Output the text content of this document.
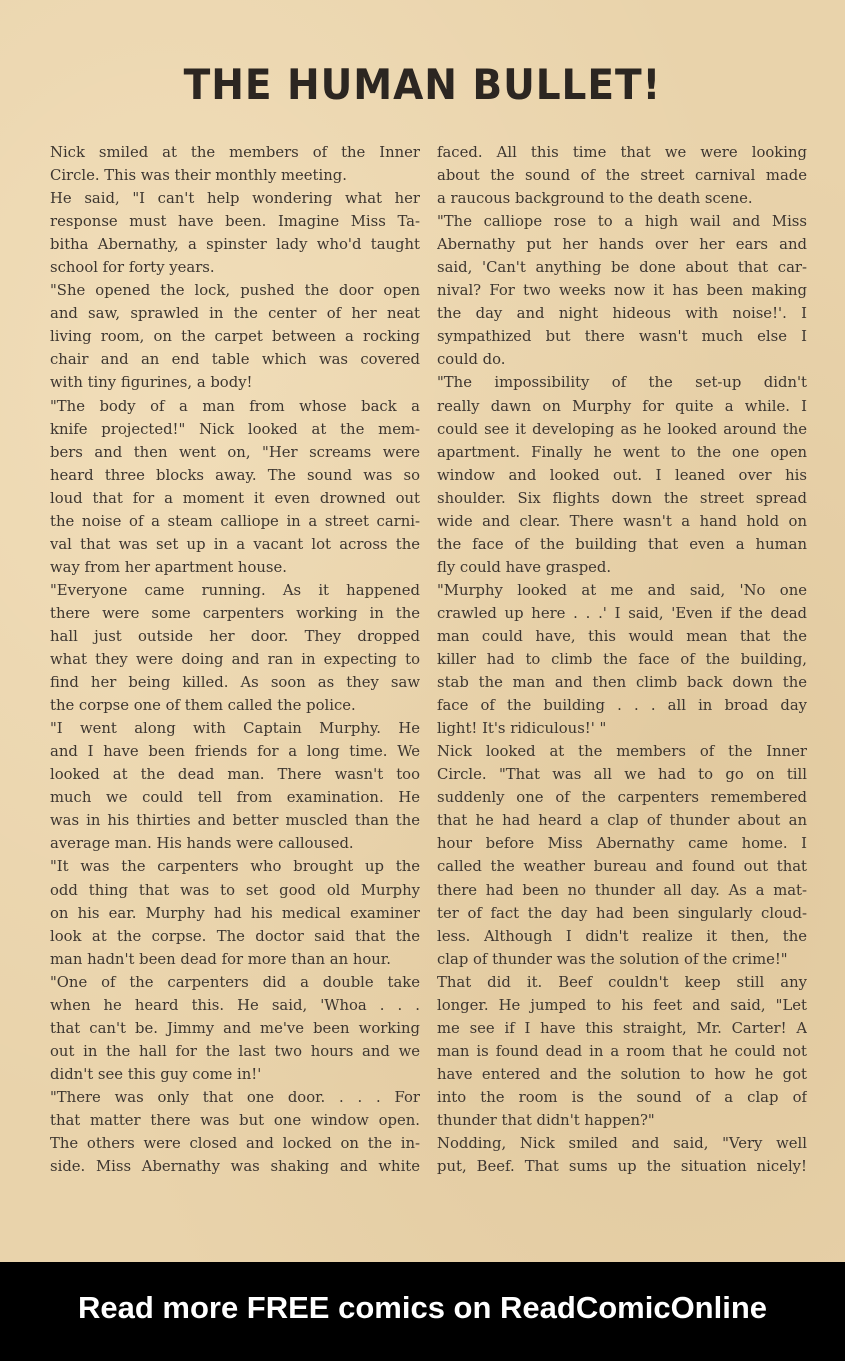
THE HUMAN BULLET!
Nick smiled at the members of the Inner
Circle. This was their monthly meeting.
He said, "I can't help wondering what her
response must have been. Imagine Miss Ta-
bitha Abernathy, a spinster lady who'd taught
school for forty years.
"She opened the lock, pushed the door open
and saw, sprawled in the center of her neat
living room, on the carpet between a rocking
chair and an end table which was covered
with tiny figurines, a body!
"The body of a man from whose back a
knife projected!" Nick looked at the mem-
bers and then went on, "Her screams were
heard three blocks away. The sound was so
loud that for a moment it even drowned out
the noise of a steam calliope in a street carni-
val that was set up in a vacant lot across the
way from her apartment house.
"Everyone came running. As it happened
there were some carpenters working in the
hall just outside her door. They dropped
what they were doing and ran in expecting to
find her being killed. As soon as they saw
the corpse one of them called the police.
"I went along with Captain Murphy. He
and I have been friends for a long time. We
looked at the dead man. There wasn't too
much we could tell from examination. He
was in his thirties and better muscled than the
average man. His hands were calloused.
"It was the carpenters who brought up the
odd thing that was to set good old Murphy
on his ear. Murphy had his medical examiner
look at the corpse. The doctor said that the
man hadn't been dead for more than an hour.
"One of the carpenters did a double take
when he heard this. He said, 'Whoa . . .
that can't be. Jimmy and me've been working
out in the hall for the last two hours and we
didn't see this guy come in!'
"There was only that one door. . . . For
that matter there was but one window open.
The others were closed and locked on the in-
side. Miss Abernathy was shaking and white
faced. All this time that we were looking
about the sound of the street carnival made
a raucous background to the death scene.
"The calliope rose to a high wail and Miss
Abernathy put her hands over her ears and
said, 'Can't anything be done about that car-
nival? For two weeks now it has been making
the day and night hideous with noise!'. I
sympathized but there wasn't much else I
could do.
"The impossibility of the set-up didn't
really dawn on Murphy for quite a while. I
could see it developing as he looked around the
apartment. Finally he went to the one open
window and looked out. I leaned over his
shoulder. Six flights down the street spread
wide and clear. There wasn't a hand hold on
the face of the building that even a human
fly could have grasped.
"Murphy looked at me and said, 'No one
crawled up here . . .' I said, 'Even if the dead
man could have, this would mean that the
killer had to climb the face of the building,
stab the man and then climb back down the
face of the building . . . all in broad day
light! It's ridiculous!' "
Nick looked at the members of the Inner
Circle. "That was all we had to go on till
suddenly one of the carpenters remembered
that he had heard a clap of thunder about an
hour before Miss Abernathy came home. I
called the weather bureau and found out that
there had been no thunder all day. As a mat-
ter of fact the day had been singularly cloud-
less. Although I didn't realize it then, the
clap of thunder was the solution of the crime!"
That did it. Beef couldn't keep still any
longer. He jumped to his feet and said, "Let
me see if I have this straight, Mr. Carter! A
man is found dead in a room that he could not
have entered and the solution to how he got
into the room is the sound of a clap of
thunder that didn't happen?"
Nodding, Nick smiled and said, "Very well
put, Beef. That sums up the situation nicely!
Read more FREE comics on ReadComicOnline
